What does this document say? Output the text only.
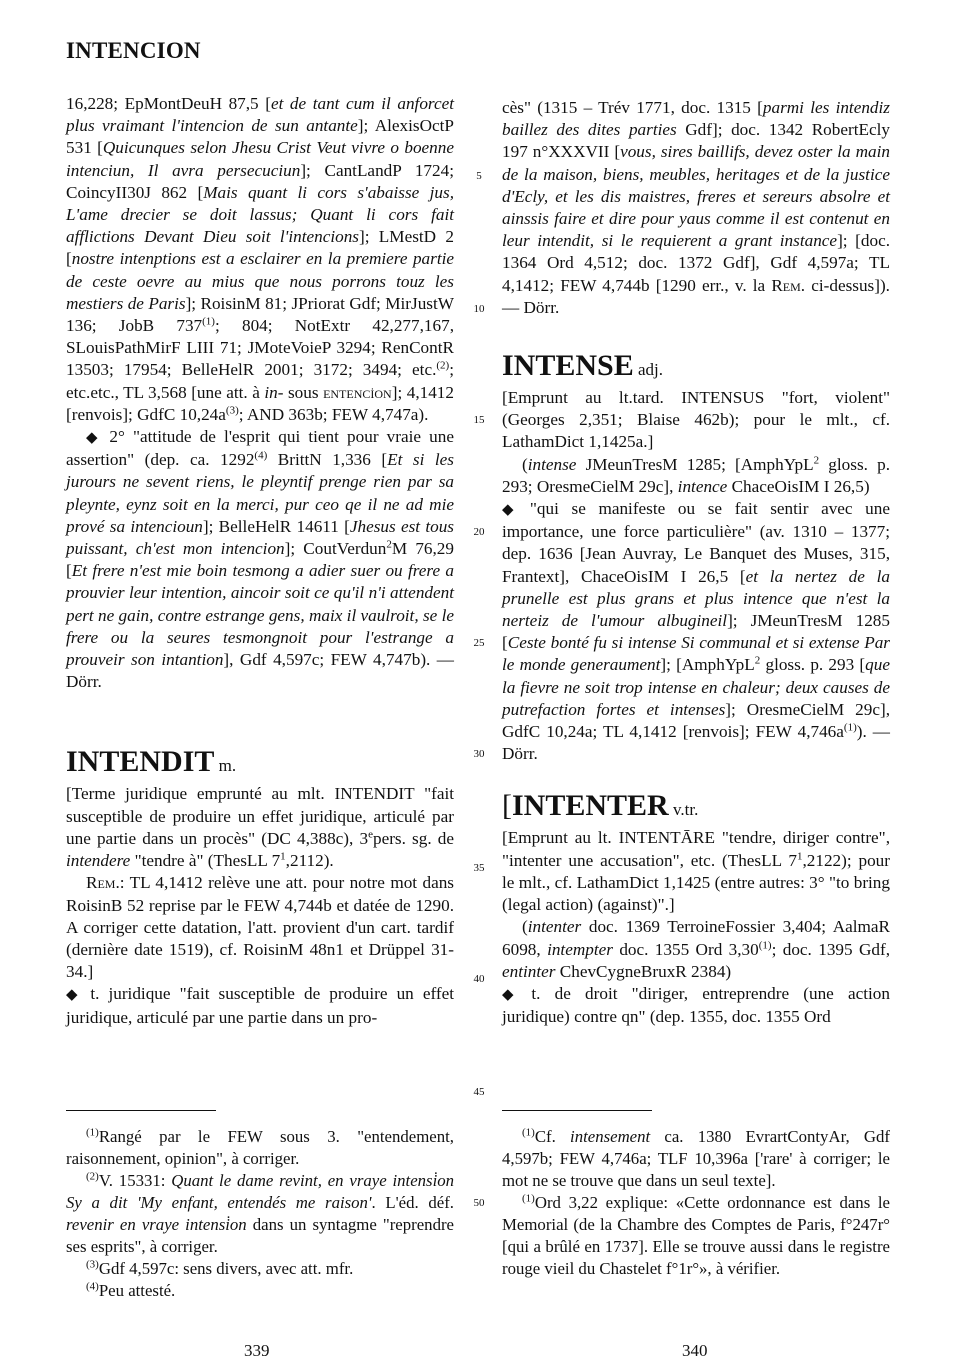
INTENCION

16,228; EpMontDeuH 87,5 [et de tant cum il anforcet plus vraimant l'intencion de sun antante]; AlexisOctP 531 [Quicunques selon Jhesu Crist Veut vivre o boenne intenciun, Il avra persecuciun]; CantLandP 1724; CoincyII30J 862 [Mais quant li cors s'abaisse jus, L'ame drecier se doit lassus; Quant li cors fait afflictions Devant Dieu soit l'intencions]; LMestD 2 [nostre intenptions est a esclairer en la premiere partie de ceste oevre au mius que nous porrons touz les mestiers de Paris]; RoisinM 81; JPriorat Gdf; MirJustW 136; JobB 737$^{(1)}$; 804; NotExtr 42,277,167, SLouisPathMirF LIII 71; JMoteVoieP 3294; RenContR 13503; 17954; BelleHelR 2001; 3172; 3494; etc.$^{(2)}$; etc.etc., TL 3,568 [une att. à in- sous entenci̇on]; 4,1412 [renvois]; GdfC $10,24a^{(3)}$; AND 363b; FEW 4,747a).

◆ 2° "attitude de l'esprit qui tient pour vraie une assertion" (dep. ca. 1292$^{(4)}$ BrittN 1,336 [Et si les jurours ne sevent riens, le pleyntif prenge rien par sa pleynte, eynz soit en la merci, pur ceo qe il ne ad mie prové sa intencioun]; BelleHelR 14611 [Jhesus est tous puissant, ch'est mon intencion]; CoutVerdun$^2$M 76,29 [Et frere n'est mie boin tesmong a adier suer ou frere a prouvier leur intention, aincoir soit ce qu'il n'i attendent pert ne gain, contre estrange gens, maix il vaulroit, se le frere ou la seures tesmongnoit pour l'estrange a prouveir son intantion], Gdf 4,597c; FEW 4,747b). — Dörr.

INTENDIT m.

[Terme juridique emprunté au mlt. INTENDIT "fait susceptible de produire un effet juridique, articulé par une partie dans un procès" (DC 4,388c), 3epers. sg. de intendere "tendre à" (ThesLL $7^1,2112$).

Rem.: TL 4,1412 relève une att. pour notre mot dans RoisinB 52 reprise par le FEW 4,744b et datée de 1290. A corriger cette datation, l'att. provient d'un cart. tardif (dernière date 1519), cf. RoisinM 48n1 et Drüppel 31-34.]

◆ t. juridique "fait susceptible de produire un effet juridique, articulé par une partie dans un pro-

$^{(1)}$Rangé par le FEW sous 3. "entendement, raisonnement, opinion", à corriger.

$^{(2)}$V. 15331: Quant le dame revint, en vraye intensi̇on Sy a dit 'My enfant, entendés me raison'. L'éd. déf. revenir en vraye intensi̇on dans un syntagme "reprendre ses esprits", à corriger.

$^{(3)}$Gdf 4,597c: sens divers, avec att. mfr.

$^{(4)}$Peu attesté.

cès" (1315 – Trév 1771, doc. 1315 [parmi les intendiz baillez des dites parties Gdf]; doc. 1342 RobertEcly 197 n°XXXVII [vous, sires baillifs, devez oster la main de la maison, biens, meubles, heritages et de la justice d'Ecly, et les dis maistres, freres et sereurs absolre et ainssis faire et dire pour yaus comme il est contenut en leur intendit, si le requierent a grant instance]; [doc. 1364 Ord 4,512; doc. 1372 Gdf], Gdf 4,597a; TL 4,1412; FEW 4,744b [1290 err., v. la Rem. ci-dessus]). — Dörr.

INTENSE adj.

[Emprunt au lt.tard. INTENSUS "fort, violent" (Georges 2,351; Blaise 462b); pour le mlt., cf. LathamDict 1,1425a.]

(intense JMeunTresM 1285; [AmphYpL$^2$ gloss. p. 293; OresmeCielM 29c], intence ChaceOisIM I 26,5)

◆ "qui se manifeste ou se fait sentir avec une importance, une force particulière" (av. 1310 – 1377; dep. 1636 [Jean Auvray, Le Banquet des Muses, 315, Frantext], ChaceOisIM I 26,5 [et la nertez de la prunelle est plus grans et plus intence que n'est la nerteiz de l'umour albugineil]; JMeunTresM 1285 [Ceste bonté fu si intense Si communal et si extense Par le monde generaument]; [AmphYpL$^2$ gloss. p. 293 [que la fievre ne soit trop intense en chaleur; deux causes de putrefaction fortes et intenses]; OresmeCielM 29c], GdfC 10,24a; TL 4,1412 [renvois]; FEW $4,746a^{(1)}$). — Dörr.

[INTENTER v.tr.

[Emprunt au lt. INTENTĀRE "tendre, diriger contre", "intenter une accusation", etc. (ThesLL $7^1,2122$); pour le mlt., cf. LathamDict 1,1425 (entre autres: 3° "to bring (legal action) (against)".]

(intenter doc. 1369 TerroineFossier 3,404; AalmaR 6098, intempter doc. 1355 Ord 3,30$^{(1)}$; doc. 1395 Gdf, entinter ChevCygneBruxR 2384)

◆ t. de droit "diriger, entreprendre (une action juridique) contre qn" (dep. 1355, doc. 1355 Ord

$^{(1)}$Cf. intensement ca. 1380 EvrartContyAr, Gdf 4,597b; FEW 4,746a; TLF 10,396a ['rare' à corriger; le mot ne se trouve que dans un seul texte].

$^{(1)}$Ord 3,22 explique: «Cette ordonnance est dans le Memorial (de la Chambre des Comptes de Paris, f°247r° [qui a brûlé en 1737]. Elle se trouve aussi dans le registre rouge vieil du Chastelet f°1r°», à vérifier.

5
10
15
20
25
30
35
40
45
50
339	340
